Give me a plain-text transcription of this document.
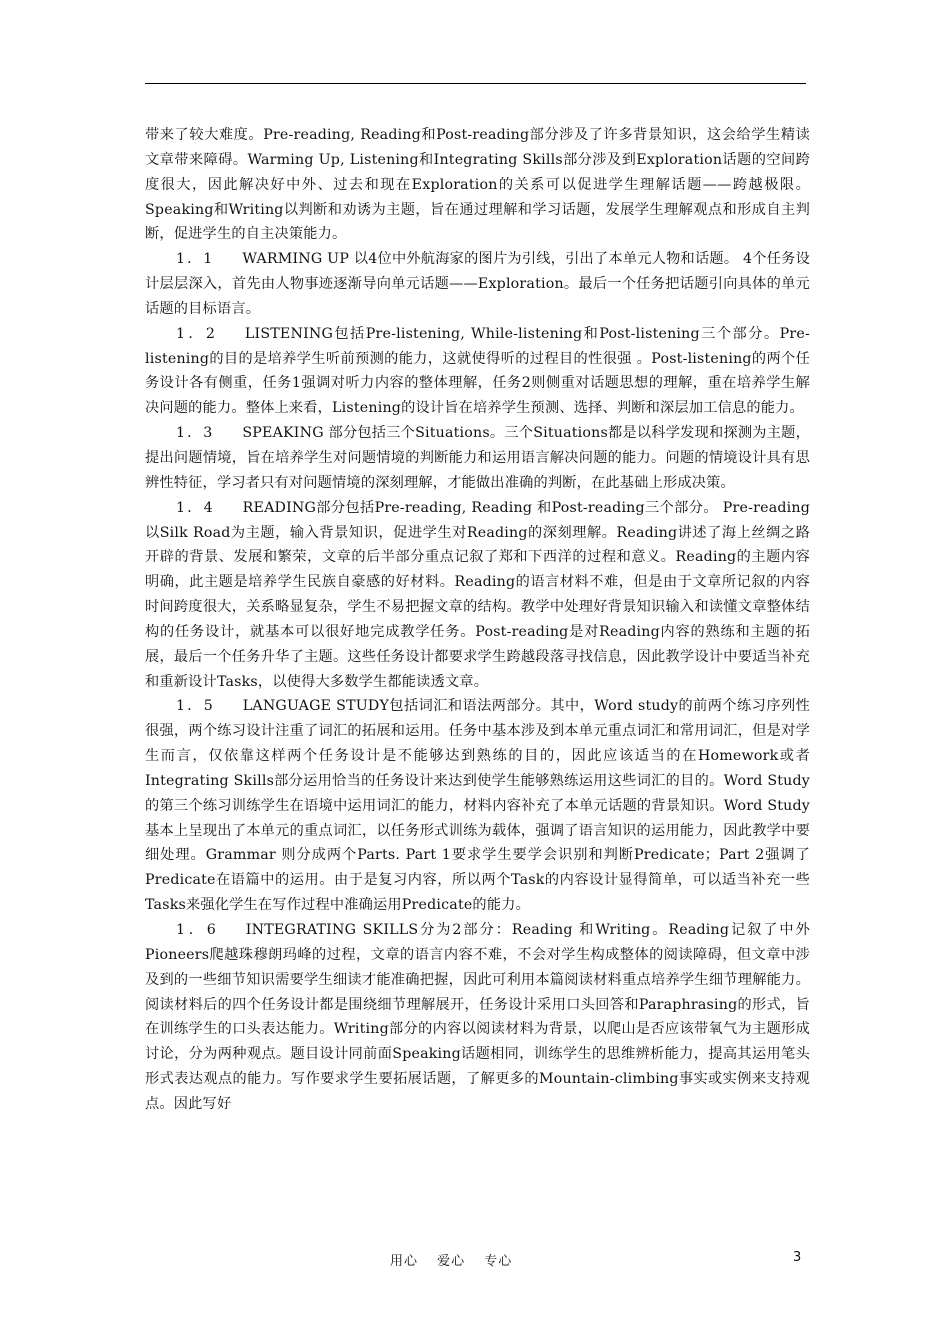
带来了较大难度。Pre-reading, Reading和Post-reading部分涉及了许多背景知识，这会给学生精读文章带来障碍。Warming Up, Listening和Integrating Skills部分涉及到Exploration话题的空间跨度很大，因此解决好中外、过去和现在Exploration的关系可以促进学生理解话题——跨越极限。Speaking和Writing以判断和劝诱为主题，旨在通过理解和学习话题，发展学生理解观点和形成自主判断，促进学生的自主决策能力。

1．1 WARMING UP 以4位中外航海家的图片为引线，引出了本单元人物和话题。 4个任务设计层层深入，首先由人物事迹逐渐导向单元话题——Exploration。最后一个任务把话题引向具体的单元话题的目标语言。

1．2 LISTENING包括Pre-listening, While-listening和Post-listening三个部分。Pre-listening的目的是培养学生听前预测的能力，这就使得听的过程目的性很强 。Post-listening的两个任务设计各有侧重，任务1强调对听力内容的整体理解，任务2则侧重对话题思想的理解，重在培养学生解决问题的能力。整体上来看，Listening的设计旨在培养学生预测、选择、判断和深层加工信息的能力。

1．3 SPEAKING 部分包括三个Situations。三个Situations都是以科学发现和探测为主题，提出问题情境，旨在培养学生对问题情境的判断能力和运用语言解决问题的能力。问题的情境设计具有思辨性特征，学习者只有对问题情境的深刻理解，才能做出准确的判断，在此基础上形成决策。

1．4 READING部分包括Pre-reading, Reading 和Post-reading三个部分。 Pre-reading以Silk Road为主题，输入背景知识，促进学生对Reading的深刻理解。Reading讲述了海上丝绸之路开辟的背景、发展和繁荣，文章的后半部分重点记叙了郑和下西洋的过程和意义。Reading的主题内容明确，此主题是培养学生民族自豪感的好材料。Reading的语言材料不难，但是由于文章所记叙的内容时间跨度很大，关系略显复杂，学生不易把握文章的结构。教学中处理好背景知识输入和读懂文章整体结构的任务设计，就基本可以很好地完成教学任务。Post-reading是对Reading内容的熟练和主题的拓展，最后一个任务升华了主题。这些任务设计都要求学生跨越段落寻找信息，因此教学设计中要适当补充和重新设计Tasks，以使得大多数学生都能读透文章。

1．5 LANGUAGE STUDY包括词汇和语法两部分。其中，Word study的前两个练习序列性很强，两个练习设计注重了词汇的拓展和运用。任务中基本涉及到本单元重点词汇和常用词汇，但是对学生而言，仅依靠这样两个任务设计是不能够达到熟练的目的，因此应该适当的在Homework或者Integrating Skills部分运用恰当的任务设计来达到使学生能够熟练运用这些词汇的目的。Word Study的第三个练习训练学生在语境中运用词汇的能力，材料内容补充了本单元话题的背景知识。Word Study基本上呈现出了本单元的重点词汇，以任务形式训练为载体，强调了语言知识的运用能力，因此教学中要细处理。Grammar 则分成两个Parts. Part 1要求学生要学会识别和判断Predicate；Part 2强调了Predicate在语篇中的运用。由于是复习内容，所以两个Task的内容设计显得简单，可以适当补充一些Tasks来强化学生在写作过程中准确运用Predicate的能力。

1．6 INTEGRATING SKILLS分为2部分：Reading 和Writing。Reading记叙了中外Pioneers爬越珠穆朗玛峰的过程，文章的语言内容不难，不会对学生构成整体的阅读障碍，但文章中涉及到的一些细节知识需要学生细读才能准确把握，因此可利用本篇阅读材料重点培养学生细节理解能力。阅读材料后的四个任务设计都是围绕细节理解展开，任务设计采用口头回答和Paraphrasing的形式，旨在训练学生的口头表达能力。Writing部分的内容以阅读材料为背景，以爬山是否应该带氧气为主题形成讨论，分为两种观点。题目设计同前面Speaking话题相同，训练学生的思维辨析能力，提高其运用笔头形式表达观点的能力。写作要求学生要拓展话题，了解更多的Mountain-climbing事实或实例来支持观点。因此写好

用心 爱心 专心	3
